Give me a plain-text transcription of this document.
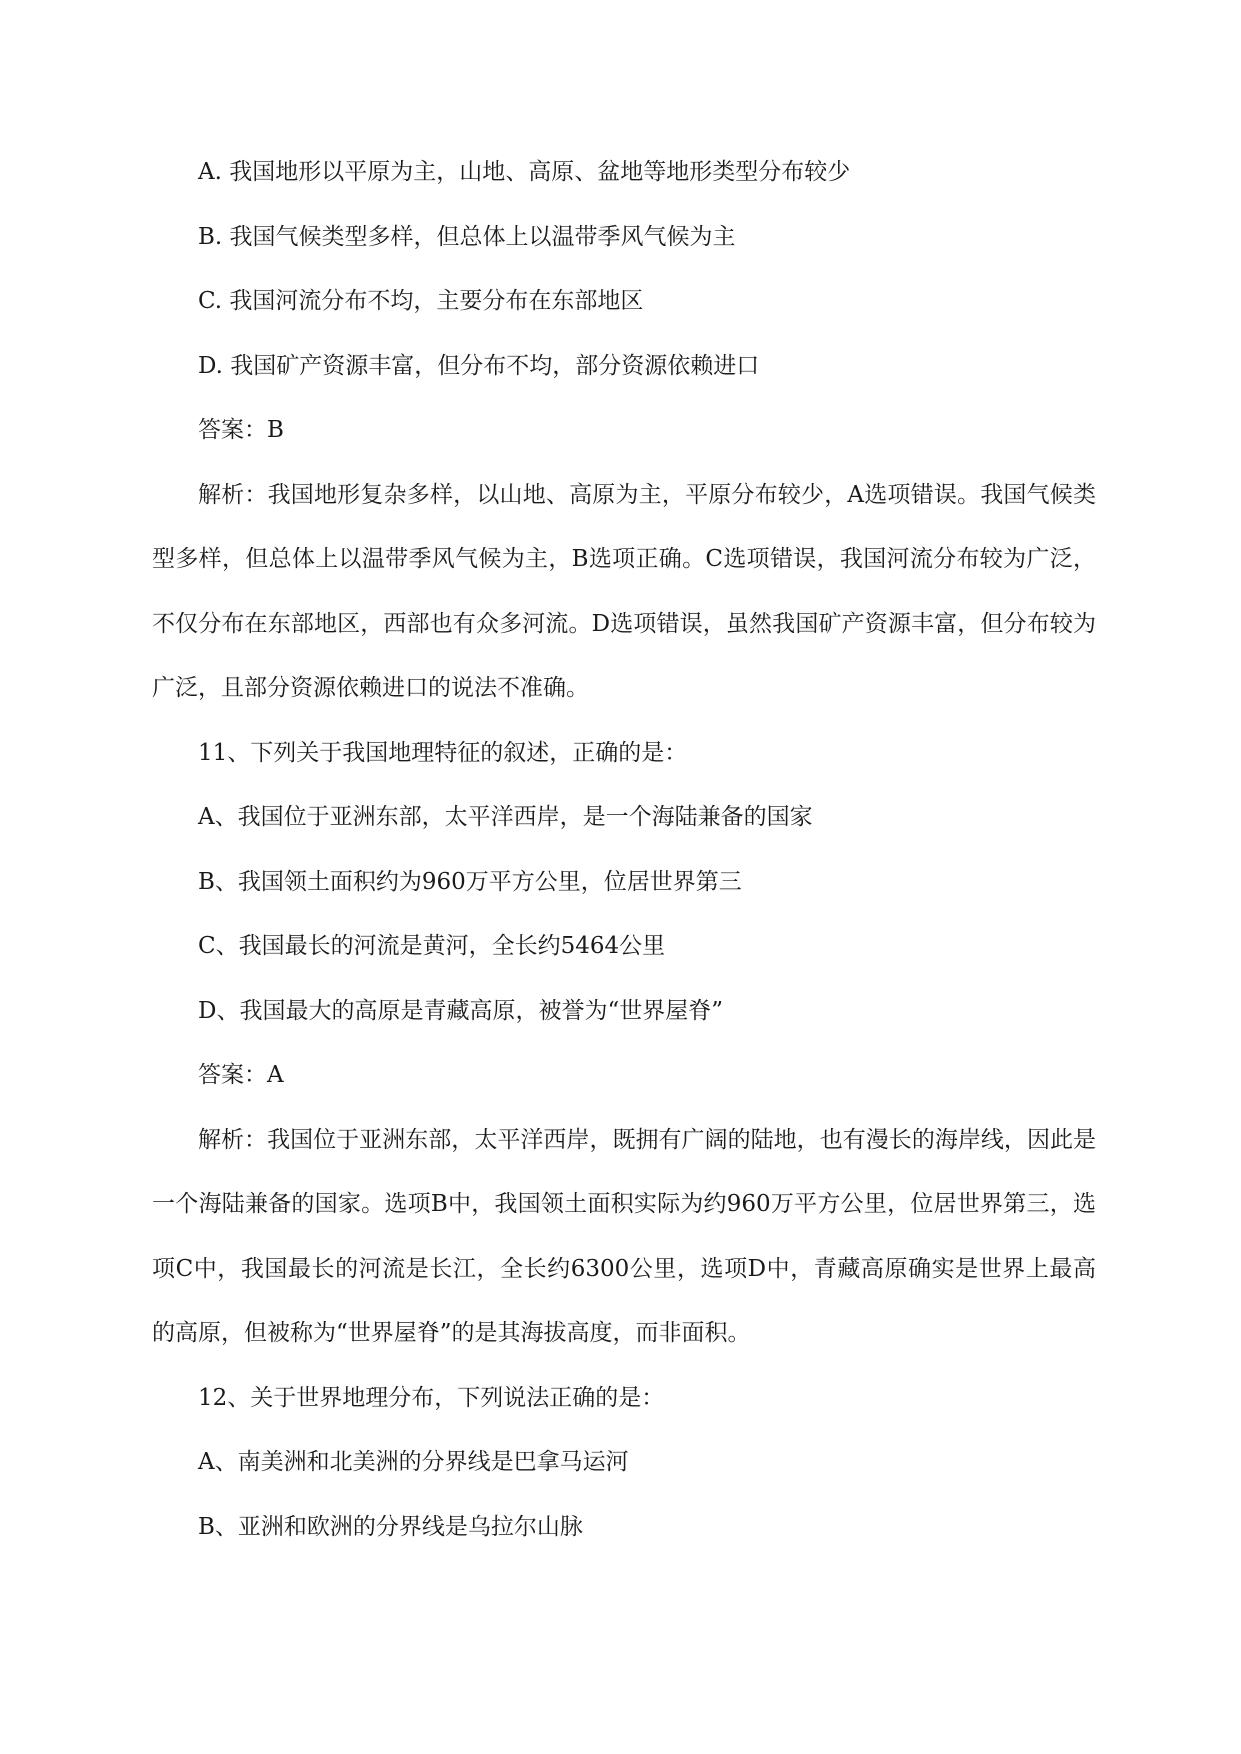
A. 我国地形以平原为主，山地、高原、盆地等地形类型分布较少

B. 我国气候类型多样，但总体上以温带季风气候为主

C. 我国河流分布不均，主要分布在东部地区

D. 我国矿产资源丰富，但分布不均，部分资源依赖进口

答案：B

解析：我国地形复杂多样，以山地、高原为主，平原分布较少，A选项错误。我国气候类型多样，但总体上以温带季风气候为主，B选项正确。C选项错误，我国河流分布较为广泛，不仅分布在东部地区，西部也有众多河流。D选项错误，虽然我国矿产资源丰富，但分布较为广泛，且部分资源依赖进口的说法不准确。

11、下列关于我国地理特征的叙述，正确的是：

A、我国位于亚洲东部，太平洋西岸，是一个海陆兼备的国家

B、我国领土面积约为960万平方公里，位居世界第三

C、我国最长的河流是黄河，全长约5464公里

D、我国最大的高原是青藏高原，被誉为“世界屋脊”

答案：A

解析：我国位于亚洲东部，太平洋西岸，既拥有广阔的陆地，也有漫长的海岸线，因此是一个海陆兼备的国家。选项B中，我国领土面积实际为约960万平方公里，位居世界第三，选项C中，我国最长的河流是长江，全长约6300公里，选项D中，青藏高原确实是世界上最高的高原，但被称为“世界屋脊”的是其海拔高度，而非面积。

12、关于世界地理分布，下列说法正确的是：

A、南美洲和北美洲的分界线是巴拿马运河

B、亚洲和欧洲的分界线是乌拉尔山脉
